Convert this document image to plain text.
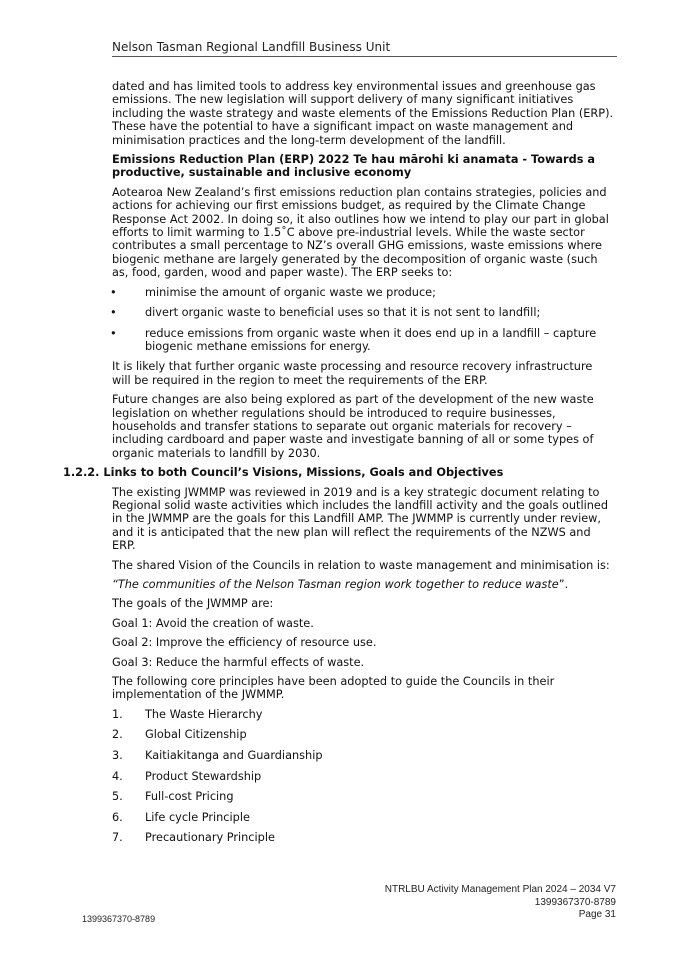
Nelson Tasman Regional Landfill Business Unit

dated and has limited tools to address key environmental issues and greenhouse gas emissions. The new legislation will support delivery of many significant initiatives including the waste strategy and waste elements of the Emissions Reduction Plan (ERP). These have the potential to have a significant impact on waste management and minimisation practices and the long-term development of the landfill.

Emissions Reduction Plan (ERP) 2022 Te hau mārohi ki anamata - Towards a productive, sustainable and inclusive economy

Aotearoa New Zealand’s first emissions reduction plan contains strategies, policies and actions for achieving our first emissions budget, as required by the Climate Change Response Act 2002. In doing so, it also outlines how we intend to play our part in global efforts to limit warming to 1.5˚C above pre-industrial levels. While the waste sector contributes a small percentage to NZ’s overall GHG emissions, waste emissions where biogenic methane are largely generated by the decomposition of organic waste (such as, food, garden, wood and paper waste). The ERP seeks to:

•	minimise the amount of organic waste we produce;
•	divert organic waste to beneficial uses so that it is not sent to landfill;
•	reduce emissions from organic waste when it does end up in a landfill – capture biogenic methane emissions for energy.

It is likely that further organic waste processing and resource recovery infrastructure will be required in the region to meet the requirements of the ERP.

Future changes are also being explored as part of the development of the new waste legislation on whether regulations should be introduced to require businesses, households and transfer stations to separate out organic materials for recovery – including cardboard and paper waste and investigate banning of all or some types of organic materials to landfill by 2030.

1.2.2. Links to both Council’s Visions, Missions, Goals and Objectives

The existing JWMMP was reviewed in 2019 and is a key strategic document relating to Regional solid waste activities which includes the landfill activity and the goals outlined in the JWMMP are the goals for this Landfill AMP. The JWMMP is currently under review, and it is anticipated that the new plan will reflect the requirements of the NZWS and ERP.

The shared Vision of the Councils in relation to waste management and minimisation is:

“The communities of the Nelson Tasman region work together to reduce waste”.

The goals of the JWMMP are:

Goal 1: Avoid the creation of waste.

Goal 2: Improve the efficiency of resource use.

Goal 3: Reduce the harmful effects of waste.

The following core principles have been adopted to guide the Councils in their implementation of the JWMMP.

1. The Waste Hierarchy
2. Global Citizenship
3. Kaitiakitanga and Guardianship
4. Product Stewardship
5. Full-cost Pricing
6. Life cycle Principle
7. Precautionary Principle
NTRLBU Activity Management Plan 2024 – 2034 V7
1399367370-8789
Page 31
1399367370-8789
